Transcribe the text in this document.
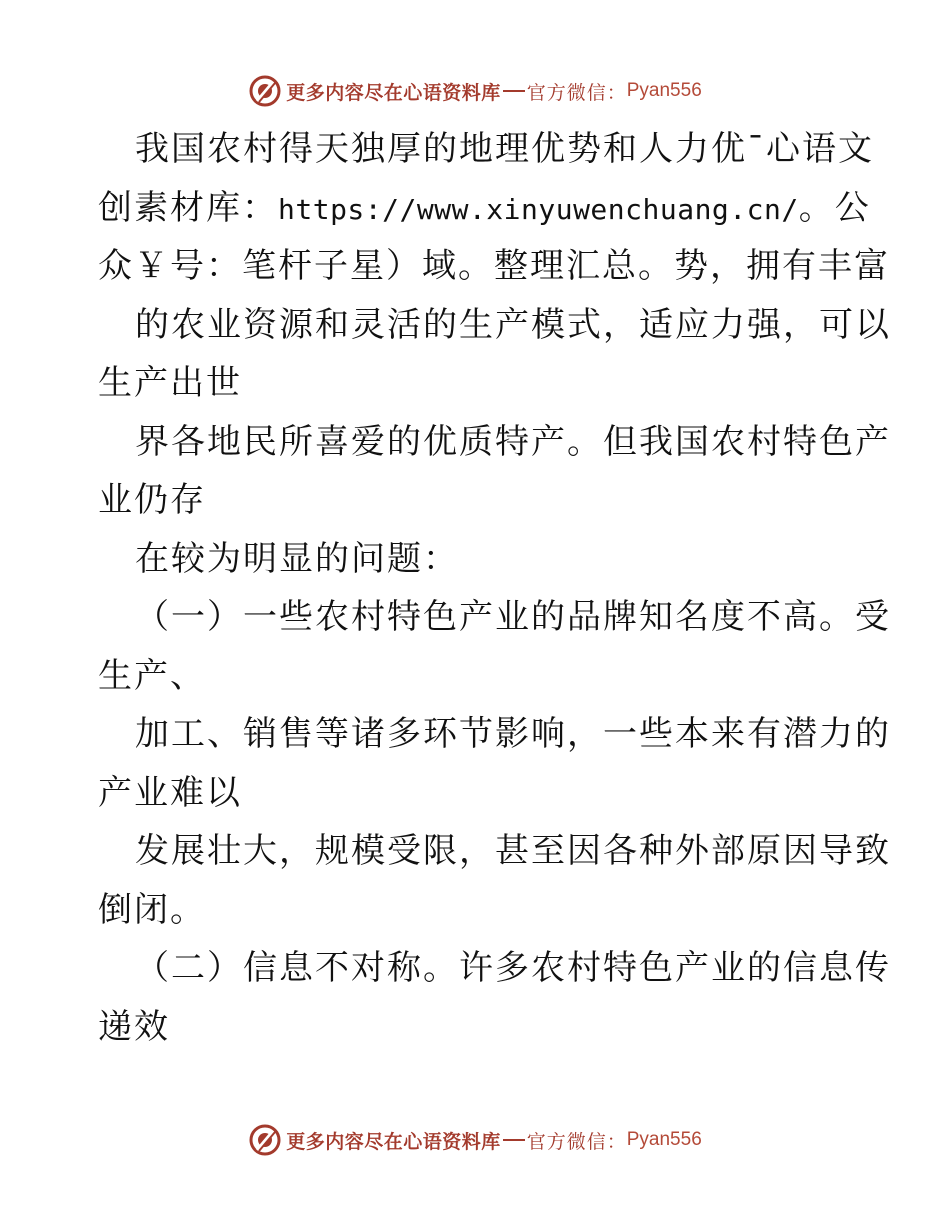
更多内容尽在心语资料库 官方微信： Pyan556
我国农村得天独厚的地理优势和人力优¯心语文
创素材库：https://www.xinyuwenchuang.cn/。公
众￥号：笔杆子星）域。整理汇总。势，拥有丰富
的农业资源和灵活的生产模式，适应力强，可以
生产出世
界各地民所喜爱的优质特产。但我国农村特色产
业仍存
在较为明显的问题：
（一）一些农村特色产业的品牌知名度不高。受
生产、
加工、销售等诸多环节影响，一些本来有潜力的
产业难以
发展壮大，规模受限，甚至因各种外部原因导致
倒闭。
（二）信息不对称。许多农村特色产业的信息传
递效
更多内容尽在心语资料库 官方微信： Pyan556
